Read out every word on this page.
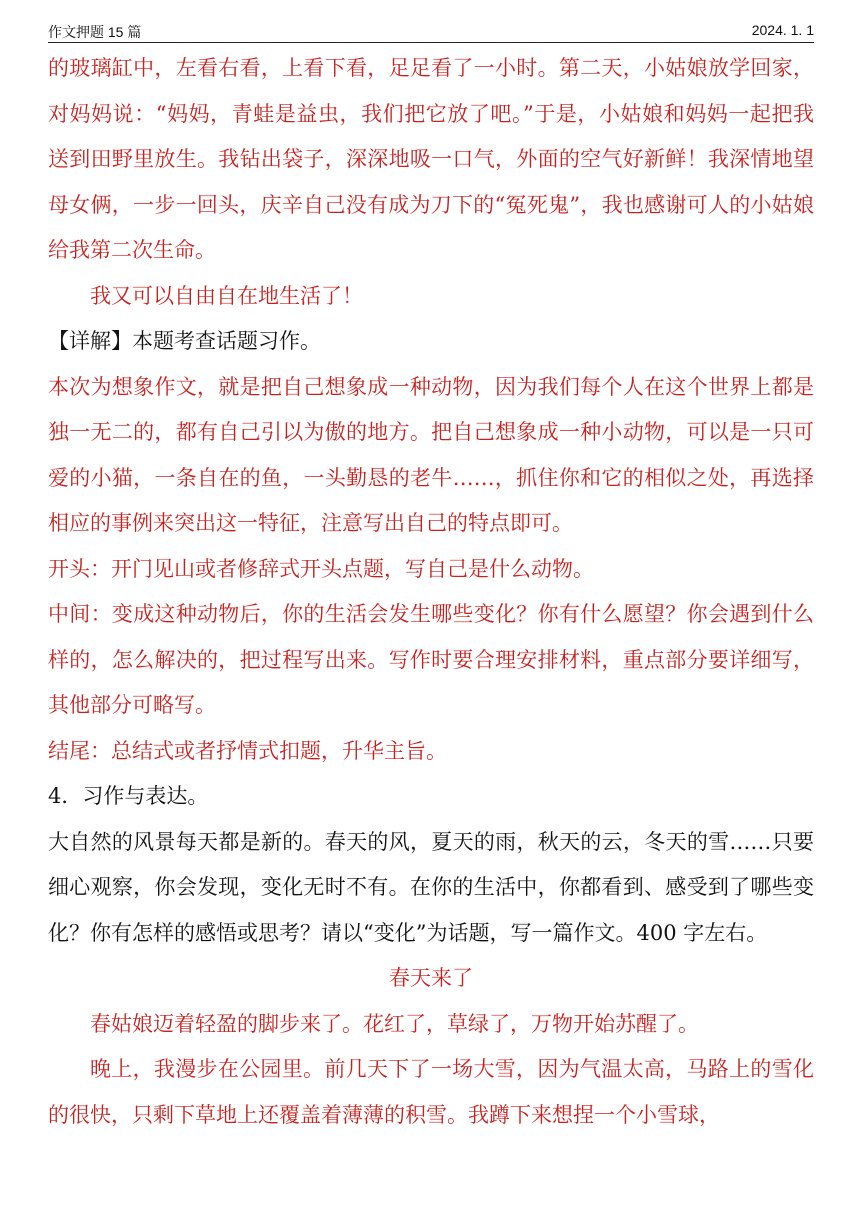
作文押题 15 篇	2024. 1. 1

的玻璃缸中，左看右看，上看下看，足足看了一小时。第二天，小姑娘放学回家，对妈妈说：“妈妈，青蛙是益虫，我们把它放了吧。”于是，小姑娘和妈妈一起把我送到田野里放生。我钻出袋子，深深地吸一口气，外面的空气好新鲜！我深情地望母女俩，一步一回头，庆辛自己没有成为刀下的“冤死鬼”，我也感谢可人的小姑娘给我第二次生命。

我又可以自由自在地生活了！

【详解】本题考查话题习作。

本次为想象作文，就是把自己想象成一种动物，因为我们每个人在这个世界上都是独一无二的，都有自己引以为傲的地方。把自己想象成一种小动物，可以是一只可爱的小猫，一条自在的鱼，一头勤恳的老牛……，抓住你和它的相似之处，再选择相应的事例来突出这一特征，注意写出自己的特点即可。

开头：开门见山或者修辞式开头点题，写自己是什么动物。

中间：变成这种动物后，你的生活会发生哪些变化？你有什么愿望？你会遇到什么样的，怎么解决的，把过程写出来。写作时要合理安排材料，重点部分要详细写，其他部分可略写。

结尾：总结式或者抒情式扣题，升华主旨。

4．习作与表达。

大自然的风景每天都是新的。春天的风，夏天的雨，秋天的云，冬天的雪……只要细心观察，你会发现，变化无时不有。在你的生活中，你都看到、感受到了哪些变化？你有怎样的感悟或思考？请以“变化”为话题，写一篇作文。400 字左右。

春天来了

春姑娘迈着轻盈的脚步来了。花红了，草绿了，万物开始苏醒了。

晚上，我漫步在公园里。前几天下了一场大雪，因为气温太高，马路上的雪化的很快，只剩下草地上还覆盖着薄薄的积雪。我蹲下来想捏一个小雪球，
